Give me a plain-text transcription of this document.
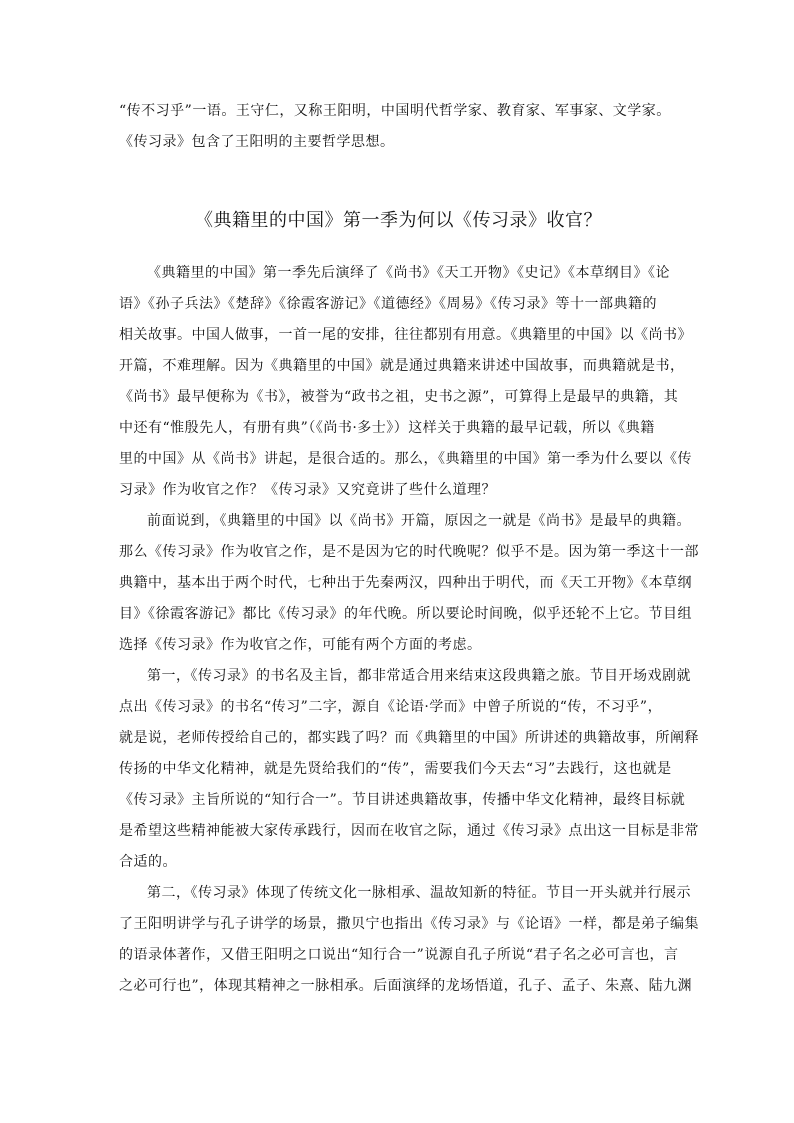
“传不习乎”一语。王守仁，又称王阳明，中国明代哲学家、教育家、军事家、文学家。
《传习录》包含了王阳明的主要哲学思想。
《典籍里的中国》第一季为何以《传习录》收官？
《典籍里的中国》第一季先后演绎了《尚书》《天工开物》《史记》《本草纲目》《论
语》《孙子兵法》《楚辞》《徐霞客游记》《道德经》《周易》《传习录》等十一部典籍的
相关故事。中国人做事，一首一尾的安排，往往都别有用意。《典籍里的中国》以《尚书》
开篇，不难理解。因为《典籍里的中国》就是通过典籍来讲述中国故事，而典籍就是书，
《尚书》最早便称为《书》，被誉为“政书之祖，史书之源”，可算得上是最早的典籍，其
中还有“惟殷先人，有册有典”（《尚书·多士》）这样关于典籍的最早记载，所以《典籍
里的中国》从《尚书》讲起，是很合适的。那么，《典籍里的中国》第一季为什么要以《传
习录》作为收官之作？《传习录》又究竟讲了些什么道理？
前面说到，《典籍里的中国》以《尚书》开篇，原因之一就是《尚书》是最早的典籍。
那么《传习录》作为收官之作，是不是因为它的时代晚呢？似乎不是。因为第一季这十一部
典籍中，基本出于两个时代，七种出于先秦两汉，四种出于明代，而《天工开物》《本草纲
目》《徐霞客游记》都比《传习录》的年代晚。所以要论时间晚，似乎还轮不上它。节目组
选择《传习录》作为收官之作，可能有两个方面的考虑。
第一，《传习录》的书名及主旨，都非常适合用来结束这段典籍之旅。节目开场戏剧就
点出《传习录》的书名“传习”二字，源自《论语·学而》中曾子所说的“传，不习乎”，
就是说，老师传授给自己的，都实践了吗？而《典籍里的中国》所讲述的典籍故事，所阐释
传扬的中华文化精神，就是先贤给我们的“传”，需要我们今天去“习”去践行，这也就是
《传习录》主旨所说的“知行合一”。节目讲述典籍故事，传播中华文化精神，最终目标就
是希望这些精神能被大家传承践行，因而在收官之际，通过《传习录》点出这一目标是非常
合适的。
第二，《传习录》体现了传统文化一脉相承、温故知新的特征。节目一开头就并行展示
了王阳明讲学与孔子讲学的场景，撒贝宁也指出《传习录》与《论语》一样，都是弟子编集
的语录体著作，又借王阳明之口说出“知行合一”说源自孔子所说“君子名之必可言也，言
之必可行也”，体现其精神之一脉相承。后面演绎的龙场悟道，孔子、孟子、朱熹、陆九渊
